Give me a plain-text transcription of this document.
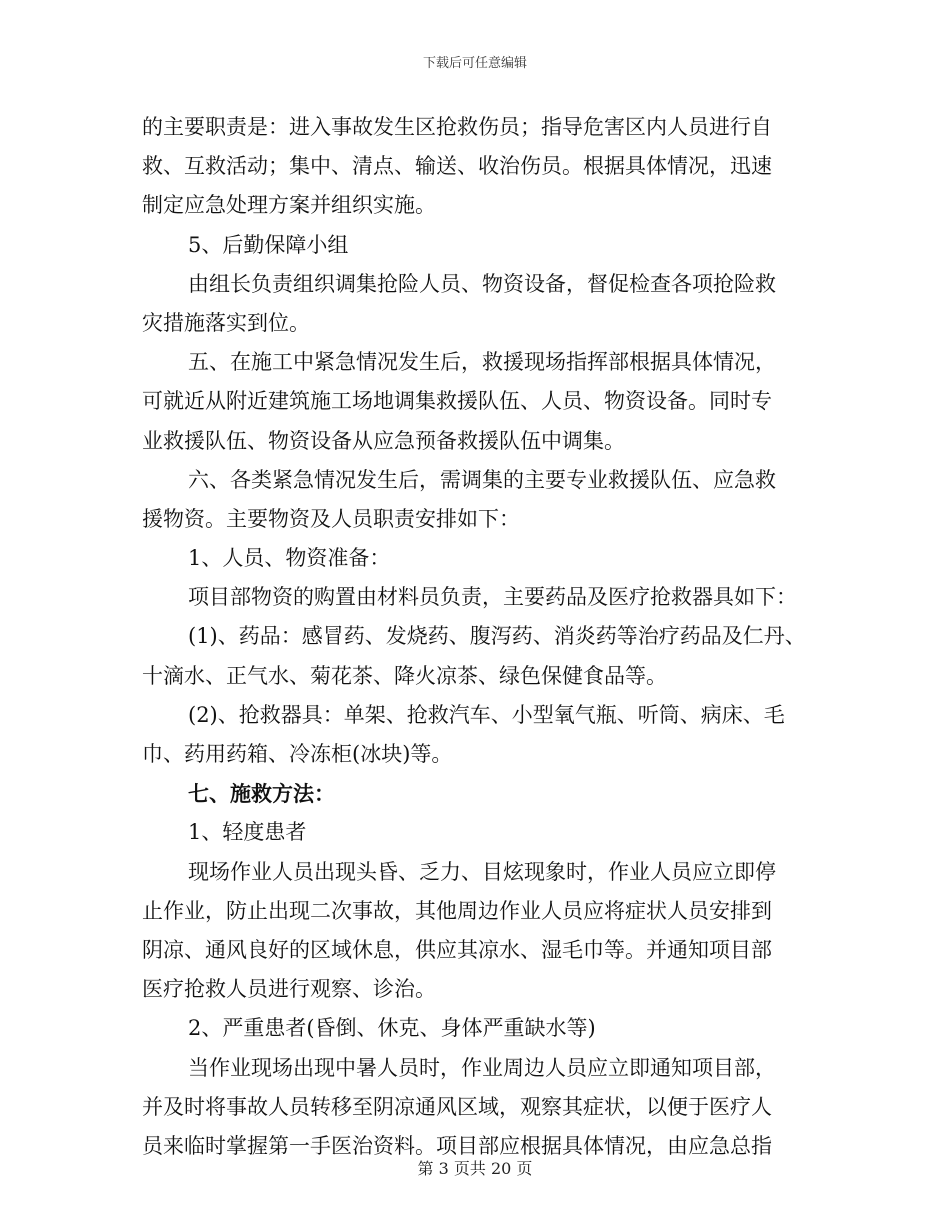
下载后可任意编辑
的主要职责是：进入事故发生区抢救伤员；指导危害区内人员进行自
救、互救活动；集中、清点、输送、收治伤员。根据具体情况，迅速
制定应急处理方案并组织实施。
5、后勤保障小组
由组长负责组织调集抢险人员、物资设备，督促检查各项抢险救
灾措施落实到位。
五、在施工中紧急情况发生后，救援现场指挥部根据具体情况，
可就近从附近建筑施工场地调集救援队伍、人员、物资设备。同时专
业救援队伍、物资设备从应急预备救援队伍中调集。
六、各类紧急情况发生后，需调集的主要专业救援队伍、应急救
援物资。主要物资及人员职责安排如下：
1、人员、物资准备：
项目部物资的购置由材料员负责，主要药品及医疗抢救器具如下：
(1)、药品：感冒药、发烧药、腹泻药、消炎药等治疗药品及仁丹、
十滴水、正气水、菊花茶、降火凉茶、绿色保健食品等。
(2)、抢救器具：单架、抢救汽车、小型氧气瓶、听筒、病床、毛
巾、药用药箱、冷冻柜(冰块)等。
七、施救方法：
1、轻度患者
现场作业人员出现头昏、乏力、目炫现象时，作业人员应立即停
止作业，防止出现二次事故，其他周边作业人员应将症状人员安排到
阴凉、通风良好的区域休息，供应其凉水、湿毛巾等。并通知项目部
医疗抢救人员进行观察、诊治。
2、严重患者(昏倒、休克、身体严重缺水等)
当作业现场出现中暑人员时，作业周边人员应立即通知项目部，
并及时将事故人员转移至阴凉通风区域，观察其症状，以便于医疗人
员来临时掌握第一手医治资料。项目部应根据具体情况，由应急总指
第 3 页共 20 页
